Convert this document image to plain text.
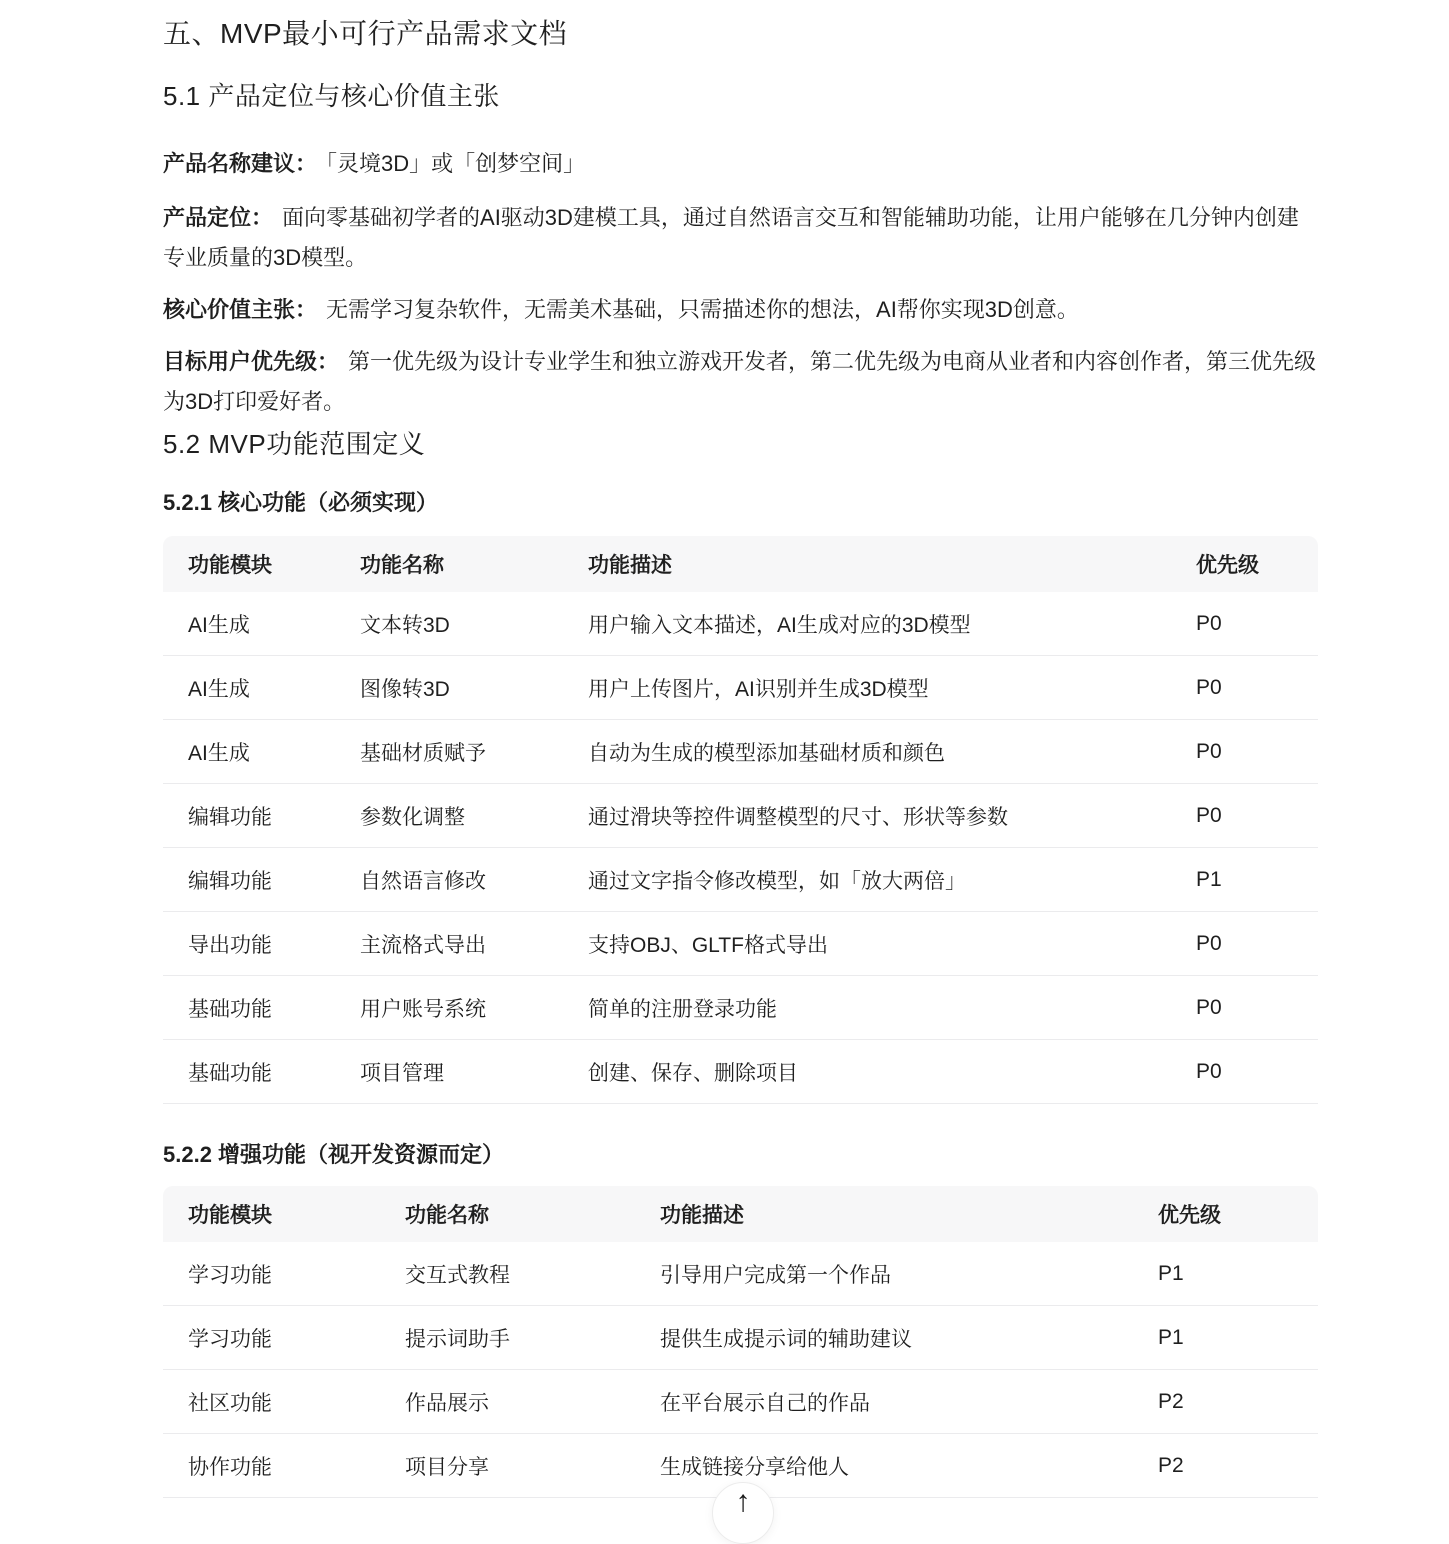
五、MVP最小可行产品需求文档
5.1 产品定位与核心价值主张

产品名称建议： 「灵境3D」或「创梦空间」

产品定位： 面向零基础初学者的AI驱动3D建模工具，通过自然语言交互和智能辅助功能，让用户能够在几分钟内创建专业质量的3D模型。

核心价值主张： 无需学习复杂软件，无需美术基础，只需描述你的想法，AI帮你实现3D创意。

目标用户优先级： 第一优先级为设计专业学生和独立游戏开发者，第二优先级为电商从业者和内容创作者，第三优先级为3D打印爱好者。

5.2 MVP功能范围定义
5.2.1 核心功能（必须实现）
功能模块	功能名称	功能描述	优先级
AI生成	文本转3D	用户输入文本描述，AI生成对应的3D模型	P0
AI生成	图像转3D	用户上传图片，AI识别并生成3D模型	P0
AI生成	基础材质赋予	自动为生成的模型添加基础材质和颜色	P0
编辑功能	参数化调整	通过滑块等控件调整模型的尺寸、形状等参数	P0
编辑功能	自然语言修改	通过文字指令修改模型，如「放大两倍」	P1
导出功能	主流格式导出	支持OBJ、GLTF格式导出	P0
基础功能	用户账号系统	简单的注册登录功能	P0
基础功能	项目管理	创建、保存、删除项目	P0
5.2.2 增强功能（视开发资源而定）
功能模块	功能名称	功能描述	优先级
学习功能	交互式教程	引导用户完成第一个作品	P1
学习功能	提示词助手	提供生成提示词的辅助建议	P1
社区功能	作品展示	在平台展示自己的作品	P2
协作功能	项目分享	生成链接分享给他人	P2
↑
